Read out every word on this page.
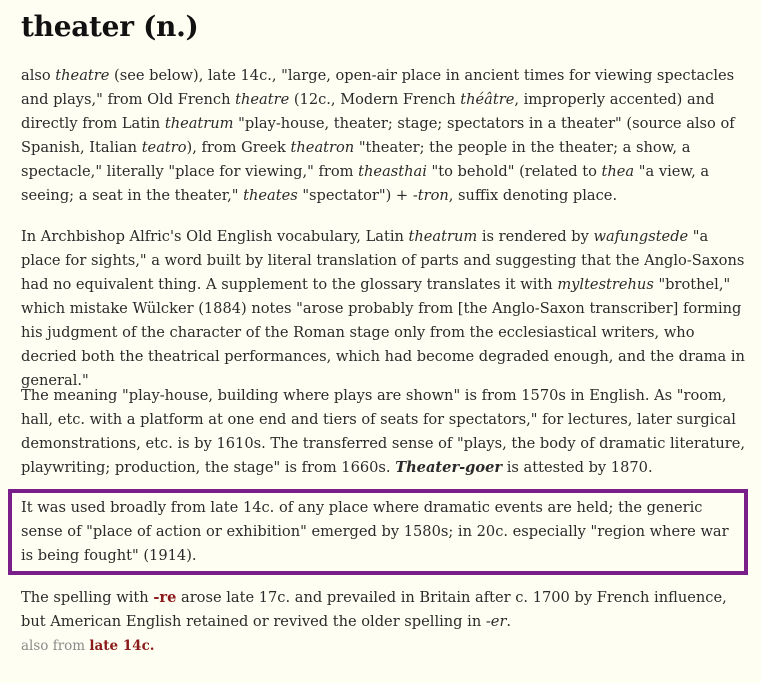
theater (n.)

also theatre (see below), late 14c., "large, open-air place in ancient times for viewing spectacles and plays," from Old French theatre (12c., Modern French théâtre, improperly accented) and directly from Latin theatrum "play-house, theater; stage; spectators in a theater" (source also of Spanish, Italian teatro), from Greek theatron "theater; the people in the theater; a show, a spectacle," literally "place for viewing," from theasthai "to behold" (related to thea "a view, a seeing; a seat in the theater," theates "spectator") + -tron, suffix denoting place.

In Archbishop Alfric's Old English vocabulary, Latin theatrum is rendered by wafungstede "a place for sights," a word built by literal translation of parts and suggesting that the Anglo-Saxons had no equivalent thing. A supplement to the glossary translates it with myltestrehus "brothel," which mistake Wülcker (1884) notes "arose probably from [the Anglo-Saxon transcriber] forming his judgment of the character of the Roman stage only from the ecclesiastical writers, who decried both the theatrical performances, which had become degraded enough, and the drama in general."

The meaning "play-house, building where plays are shown" is from 1570s in English. As "room, hall, etc. with a platform at one end and tiers of seats for spectators," for lectures, later surgical demonstrations, etc. is by 1610s. The transferred sense of "plays, the body of dramatic literature, playwriting; production, the stage" is from 1660s. Theater-goer is attested by 1870.

It was used broadly from late 14c. of any place where dramatic events are held; the generic sense of "place of action or exhibition" emerged by 1580s; in 20c. especially "region where war is being fought" (1914).

The spelling with -re arose late 17c. and prevailed in Britain after c. 1700 by French influence, but American English retained or revived the older spelling in -er.

also from late 14c.
